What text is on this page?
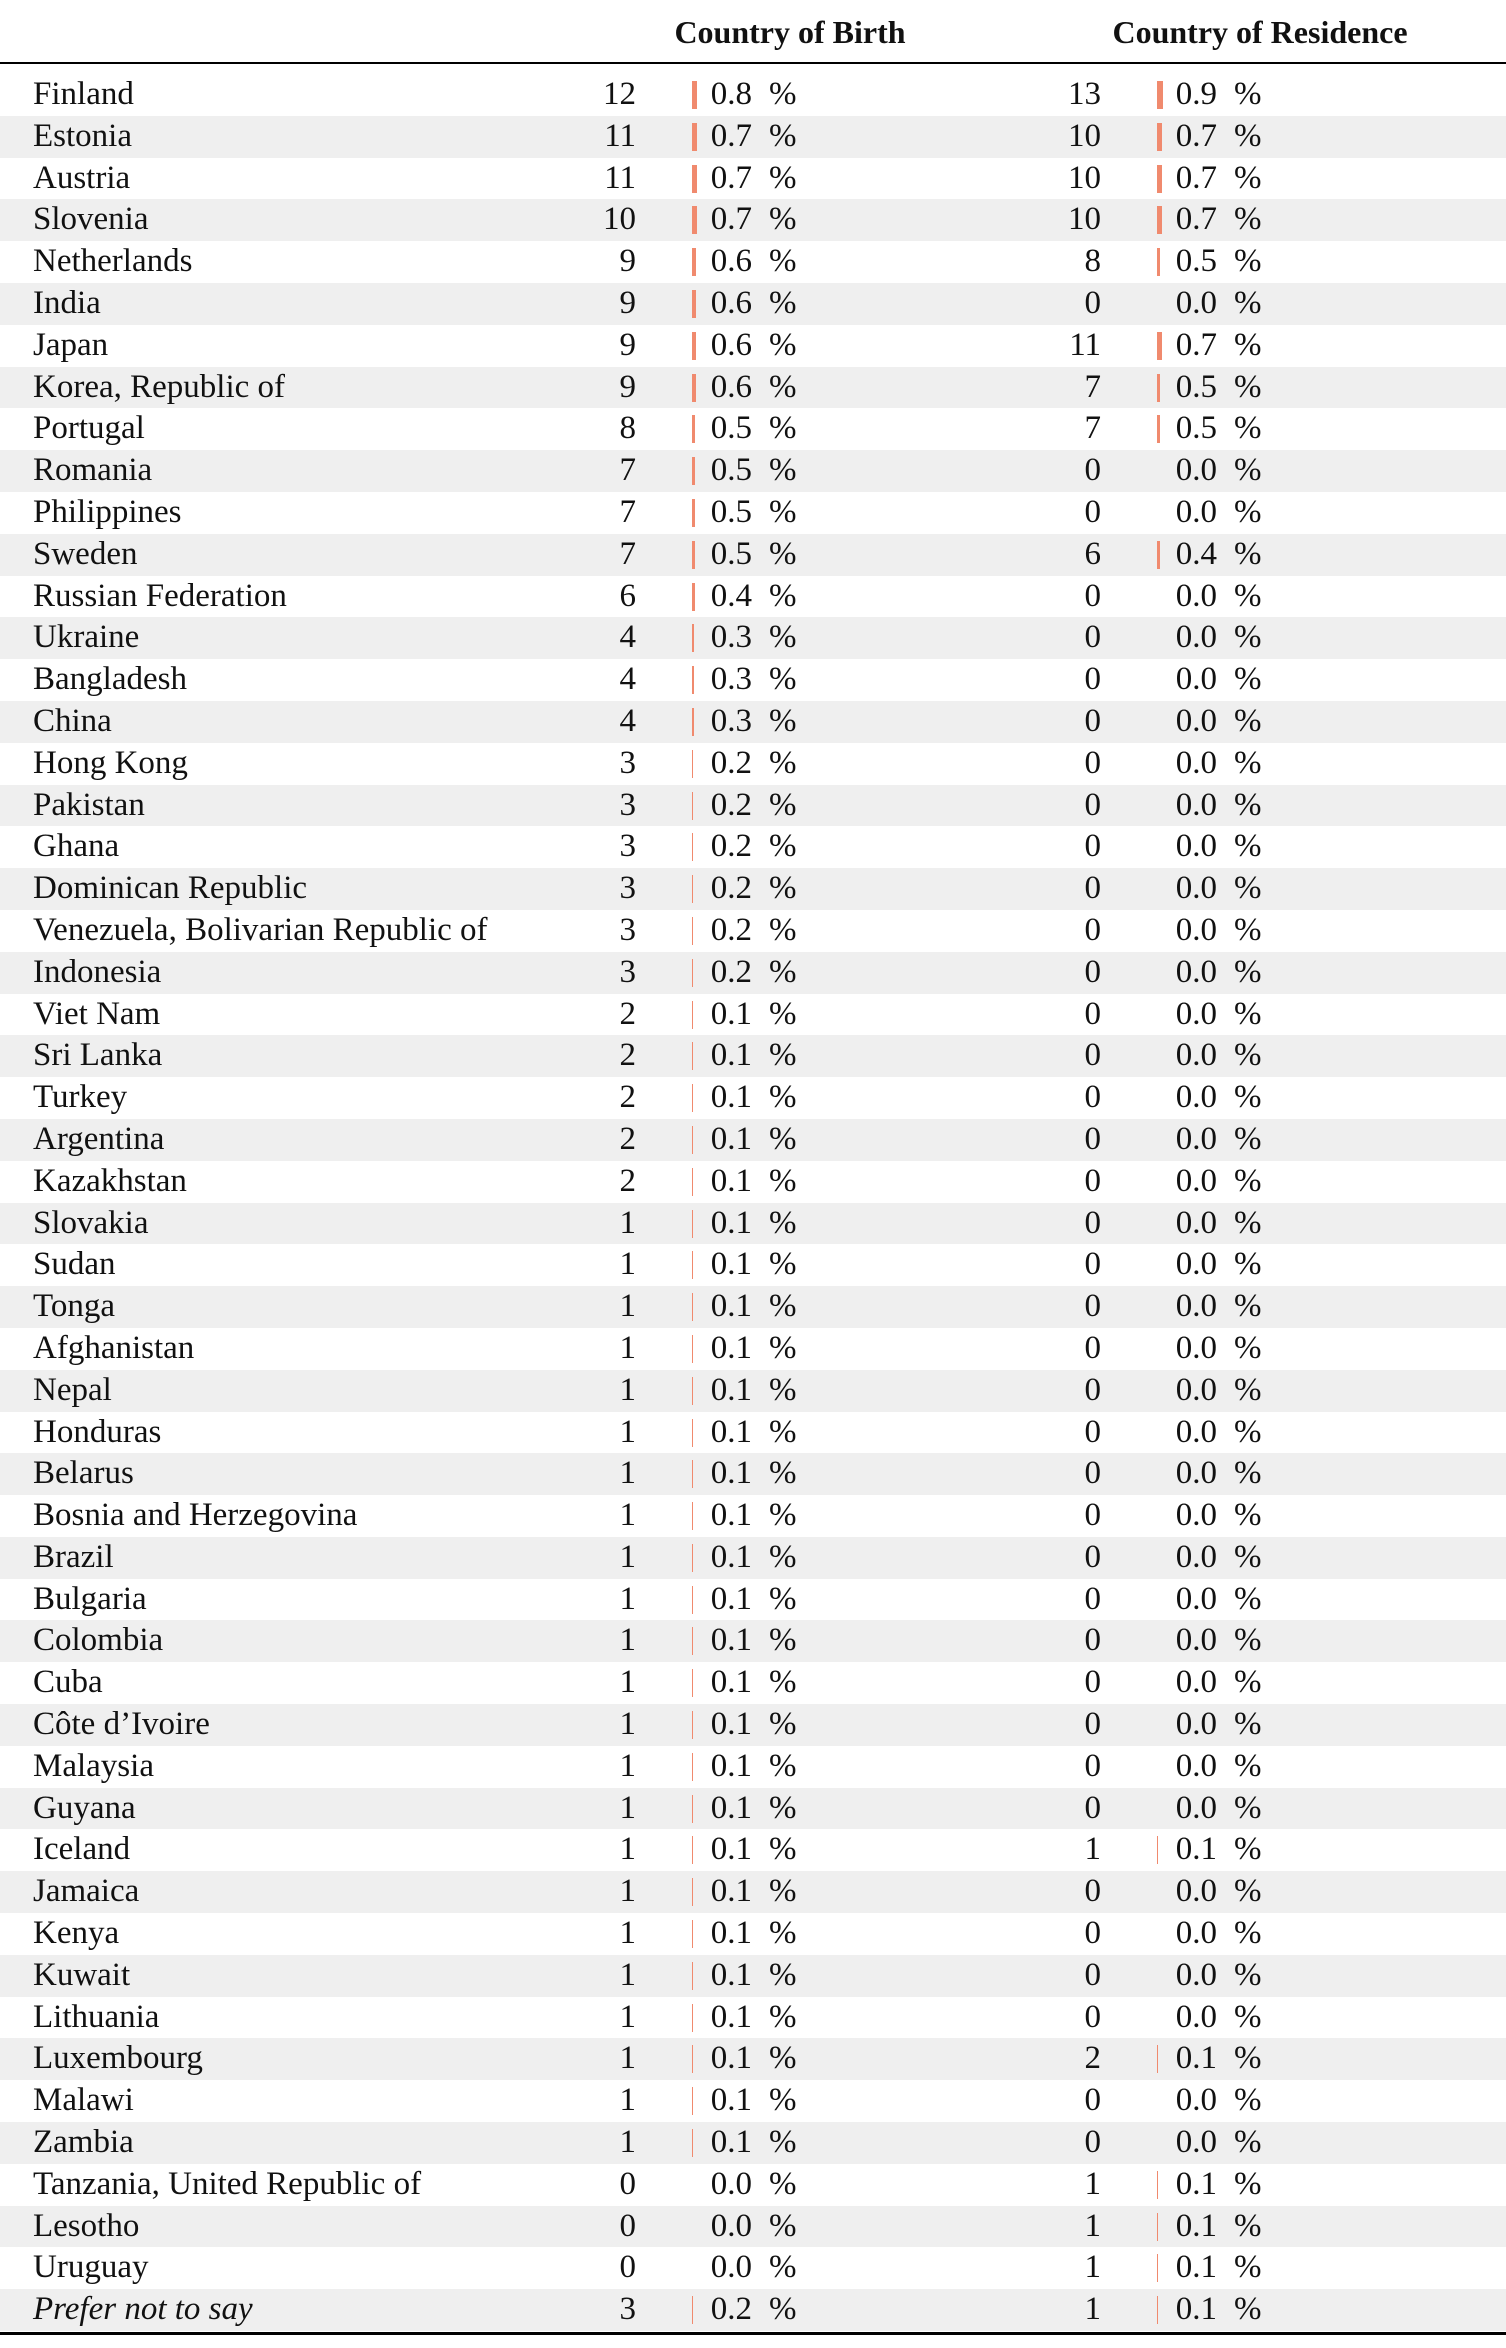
Country of Birth	Country of Residence
Finland	12 0.8 %	13 0.9 %
Estonia	11 0.7 %	10 0.7 %
Austria	11 0.7 %	10 0.7 %
Slovenia	10 0.7 %	10 0.7 %
Netherlands	9 0.6 %	8 0.5 %
India	9 0.6 %	0 0.0 %
Japan	9 0.6 %	11 0.7 %
Korea, Republic of	9 0.6 %	7 0.5 %
Portugal	8 0.5 %	7 0.5 %
Romania	7 0.5 %	0 0.0 %
Philippines	7 0.5 %	0 0.0 %
Sweden	7 0.5 %	6 0.4 %
Russian Federation	6 0.4 %	0 0.0 %
Ukraine	4 0.3 %	0 0.0 %
Bangladesh	4 0.3 %	0 0.0 %
China	4 0.3 %	0 0.0 %
Hong Kong	3 0.2 %	0 0.0 %
Pakistan	3 0.2 %	0 0.0 %
Ghana	3 0.2 %	0 0.0 %
Dominican Republic	3 0.2 %	0 0.0 %
Venezuela, Bolivarian Republic of	3 0.2 %	0 0.0 %
Indonesia	3 0.2 %	0 0.0 %
Viet Nam	2 0.1 %	0 0.0 %
Sri Lanka	2 0.1 %	0 0.0 %
Turkey	2 0.1 %	0 0.0 %
Argentina	2 0.1 %	0 0.0 %
Kazakhstan	2 0.1 %	0 0.0 %
Slovakia	1 0.1 %	0 0.0 %
Sudan	1 0.1 %	0 0.0 %
Tonga	1 0.1 %	0 0.0 %
Afghanistan	1 0.1 %	0 0.0 %
Nepal	1 0.1 %	0 0.0 %
Honduras	1 0.1 %	0 0.0 %
Belarus	1 0.1 %	0 0.0 %
Bosnia and Herzegovina	1 0.1 %	0 0.0 %
Brazil	1 0.1 %	0 0.0 %
Bulgaria	1 0.1 %	0 0.0 %
Colombia	1 0.1 %	0 0.0 %
Cuba	1 0.1 %	0 0.0 %
Côte d’Ivoire	1 0.1 %	0 0.0 %
Malaysia	1 0.1 %	0 0.0 %
Guyana	1 0.1 %	0 0.0 %
Iceland	1 0.1 %	1 0.1 %
Jamaica	1 0.1 %	0 0.0 %
Kenya	1 0.1 %	0 0.0 %
Kuwait	1 0.1 %	0 0.0 %
Lithuania	1 0.1 %	0 0.0 %
Luxembourg	1 0.1 %	2 0.1 %
Malawi	1 0.1 %	0 0.0 %
Zambia	1 0.1 %	0 0.0 %
Tanzania, United Republic of	0 0.0 %	1 0.1 %
Lesotho	0 0.0 %	1 0.1 %
Uruguay	0 0.0 %	1 0.1 %
Prefer not to say	3 0.2 %	1 0.1 %
